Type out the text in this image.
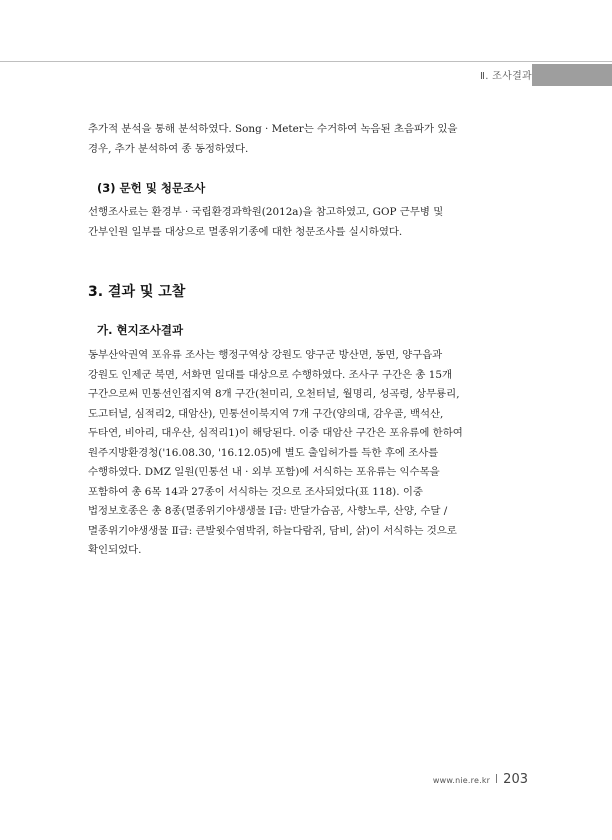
Ⅱ. 조사결과
추가적 분석을 통해 분석하였다. Song · Meter는 수거하여 녹음된 초음파가 있을
경우, 추가 분석하여 종 동정하였다.
(3) 문헌 및 청문조사
선행조사료는 환경부 · 국립환경과학원(2012a)을 참고하였고, GOP 근무병 및
간부인원 일부를 대상으로 멸종위기종에 대한 청문조사를 실시하였다.
3. 결과 및 고찰
가. 현지조사결과
동부산악권역 포유류 조사는 행정구역상 강원도 양구군 방산면, 동면, 양구읍과
강원도 인제군 북면, 서화면 일대를 대상으로 수행하였다. 조사구 구간은 총 15개
구간으로써 민통선인접지역 8개 구간(천미리, 오천터널, 월명리, 성곡령, 상무룡리,
도고터널, 심적리2, 대암산), 민통선이북지역 7개 구간(양의대, 감우골, 백석산,
두타연, 비아리, 대우산, 심적리1)이 해당된다. 이중 대암산 구간은 포유류에 한하여
원주지방환경청('16.08.30, '16.12.05)에 별도 출입허가를 득한 후에 조사를
수행하였다. DMZ 일원(민통선 내 · 외부 포함)에 서식하는 포유류는 익수목을
포함하여 총 6목 14과 27종이 서식하는 것으로 조사되었다(표 118). 이중
법정보호종은 총 8종(멸종위기야생생물 Ⅰ급: 반달가슴곰, 사향노루, 산양, 수달 /
멸종위기야생생물 Ⅱ급: 큰발윗수염박쥐, 하늘다람쥐, 담비, 삵)이 서식하는 것으로
확인되었다.
www.nie.re.kr 203
